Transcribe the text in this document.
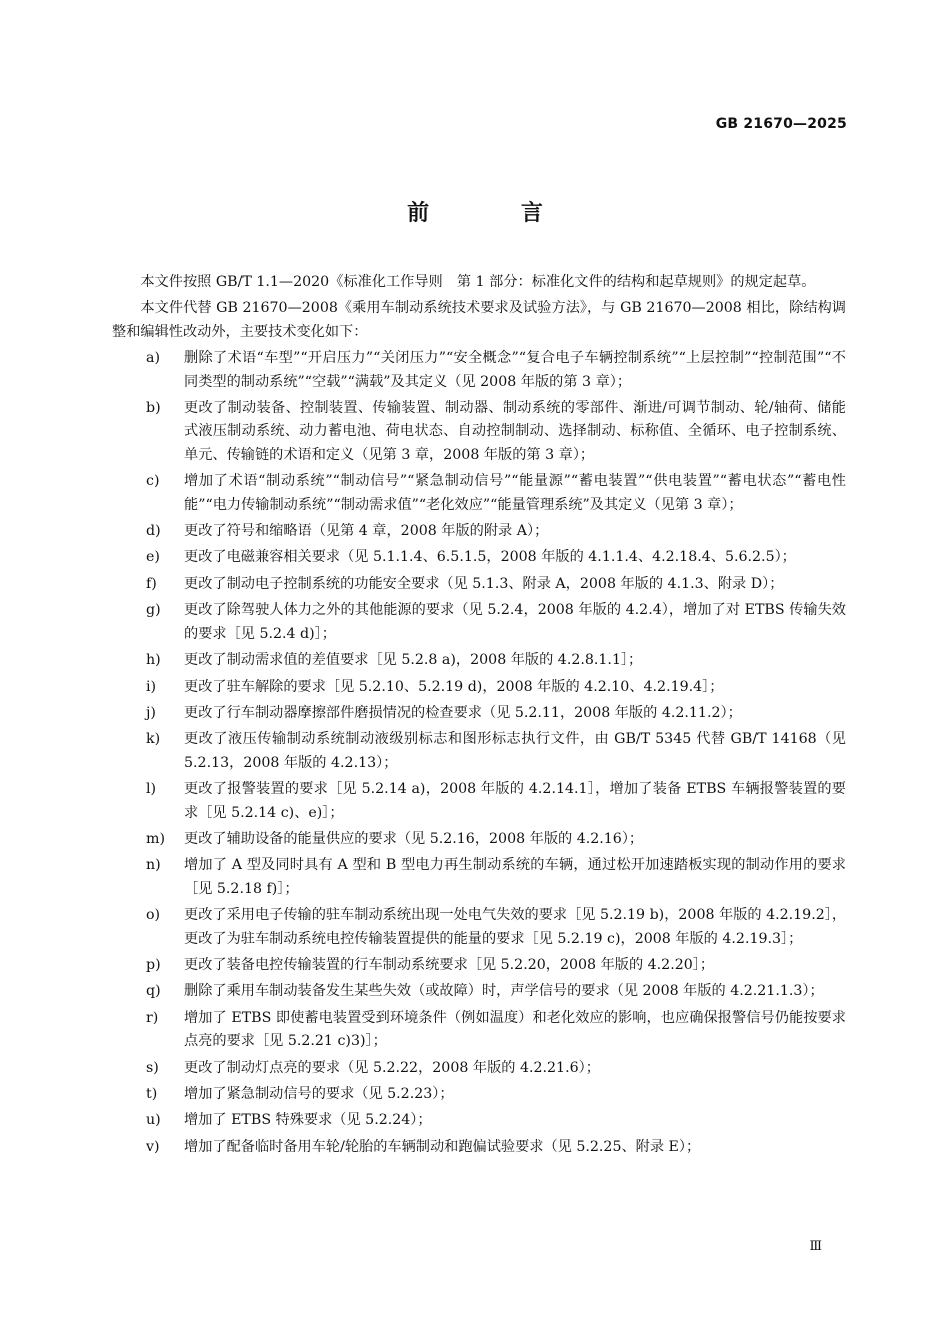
GB 21670—2025
前 言

本文件按照 GB/T 1.1—2020《标准化工作导则　第 1 部分：标准化文件的结构和起草规则》的规定起草。

本文件代替 GB 21670—2008《乘用车制动系统技术要求及试验方法》，与 GB 21670—2008 相比，除结构调整和编辑性改动外，主要技术变化如下：

a)	删除了术语“车型”“开启压力”“关闭压力”“安全概念”“复合电子车辆控制系统”“上层控制”“控制范围”“不同类型的制动系统”“空载”“满载”及其定义（见 2008 年版的第 3 章）；
b)	更改了制动装备、控制装置、传输装置、制动器、制动系统的零部件、渐进/可调节制动、轮/轴荷、储能式液压制动系统、动力蓄电池、荷电状态、自动控制制动、选择制动、标称值、全循环、电子控制系统、单元、传输链的术语和定义（见第 3 章，2008 年版的第 3 章）；
c)	增加了术语“制动系统”“制动信号”“紧急制动信号”“能量源”“蓄电装置”“供电装置”“蓄电状态”“蓄电性能”“电力传输制动系统”“制动需求值”“老化效应”“能量管理系统”及其定义（见第 3 章）；
d)	更改了符号和缩略语（见第 4 章，2008 年版的附录 A）；
e)	更改了电磁兼容相关要求（见 5.1.1.4、6.5.1.5，2008 年版的 4.1.1.4、4.2.18.4、5.6.2.5）；
f)	更改了制动电子控制系统的功能安全要求（见 5.1.3、附录 A，2008 年版的 4.1.3、附录 D）；
g)	更改了除驾驶人体力之外的其他能源的要求（见 5.2.4，2008 年版的 4.2.4），增加了对 ETBS 传输失效的要求［见 5.2.4 d)］；
h)	更改了制动需求值的差值要求［见 5.2.8 a)，2008 年版的 4.2.8.1.1］；
i)	更改了驻车解除的要求［见 5.2.10、5.2.19 d)，2008 年版的 4.2.10、4.2.19.4］；
j)	更改了行车制动器摩擦部件磨损情况的检查要求（见 5.2.11，2008 年版的 4.2.11.2）；
k)	更改了液压传输制动系统制动液级别标志和图形标志执行文件，由 GB/T 5345 代替 GB/T 14168（见 5.2.13，2008 年版的 4.2.13）；
l)	更改了报警装置的要求［见 5.2.14 a)，2008 年版的 4.2.14.1］，增加了装备 ETBS 车辆报警装置的要求［见 5.2.14 c)、e)］；
m)	更改了辅助设备的能量供应的要求（见 5.2.16，2008 年版的 4.2.16）；
n)	增加了 A 型及同时具有 A 型和 B 型电力再生制动系统的车辆，通过松开加速踏板实现的制动作用的要求［见 5.2.18 f)］；
o)	更改了采用电子传输的驻车制动系统出现一处电气失效的要求［见 5.2.19 b)，2008 年版的 4.2.19.2］，更改了为驻车制动系统电控传输装置提供的能量的要求［见 5.2.19 c)，2008 年版的 4.2.19.3］；
p)	更改了装备电控传输装置的行车制动系统要求［见 5.2.20，2008 年版的 4.2.20］；
q)	删除了乘用车制动装备发生某些失效（或故障）时，声学信号的要求（见 2008 年版的 4.2.21.1.3）；
r)	增加了 ETBS 即使蓄电装置受到环境条件（例如温度）和老化效应的影响，也应确保报警信号仍能按要求点亮的要求［见 5.2.21 c)3)］；
s)	更改了制动灯点亮的要求（见 5.2.22，2008 年版的 4.2.21.6）；
t)	增加了紧急制动信号的要求（见 5.2.23）；
u)	增加了 ETBS 特殊要求（见 5.2.24）；
v)	增加了配备临时备用车轮/轮胎的车辆制动和跑偏试验要求（见 5.2.25、附录 E）；
Ⅲ
